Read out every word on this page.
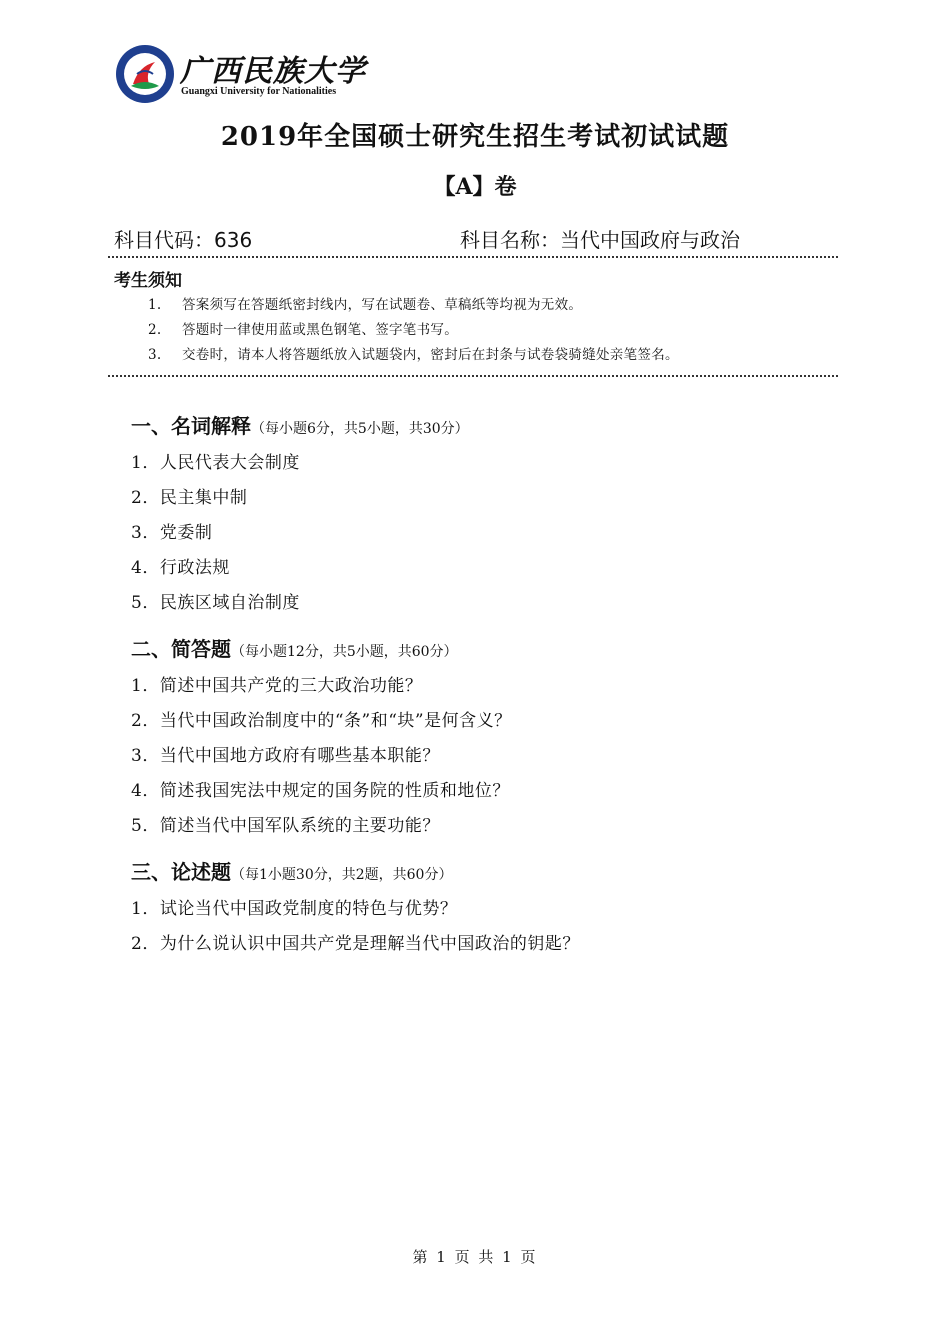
广西民族大学
Guangxi University for Nationalities
2019年全国硕士研究生招生考试初试试题
【A】卷
科目代码：636	科目名称：当代中国政府与政治
考生须知
1. 答案须写在答题纸密封线内，写在试题卷、草稿纸等均视为无效。
2. 答题时一律使用蓝或黑色钢笔、签字笔书写。
3. 交卷时，请本人将答题纸放入试题袋内，密封后在封条与试卷袋骑缝处亲笔签名。
一、名词解释（每小题6分，共5小题，共30分）
1．人民代表大会制度
2．民主集中制
3．党委制
4．行政法规
5．民族区域自治制度
二、简答题（每小题12分，共5小题，共60分）
1．简述中国共产党的三大政治功能？
2．当代中国政治制度中的“条”和“块”是何含义？
3．当代中国地方政府有哪些基本职能？
4．简述我国宪法中规定的国务院的性质和地位？
5．简述当代中国军队系统的主要功能？
三、论述题（每1小题30分，共2题，共60分）
1．试论当代中国政党制度的特色与优势？
2．为什么说认识中国共产党是理解当代中国政治的钥匙？
第 1 页 共 1 页
